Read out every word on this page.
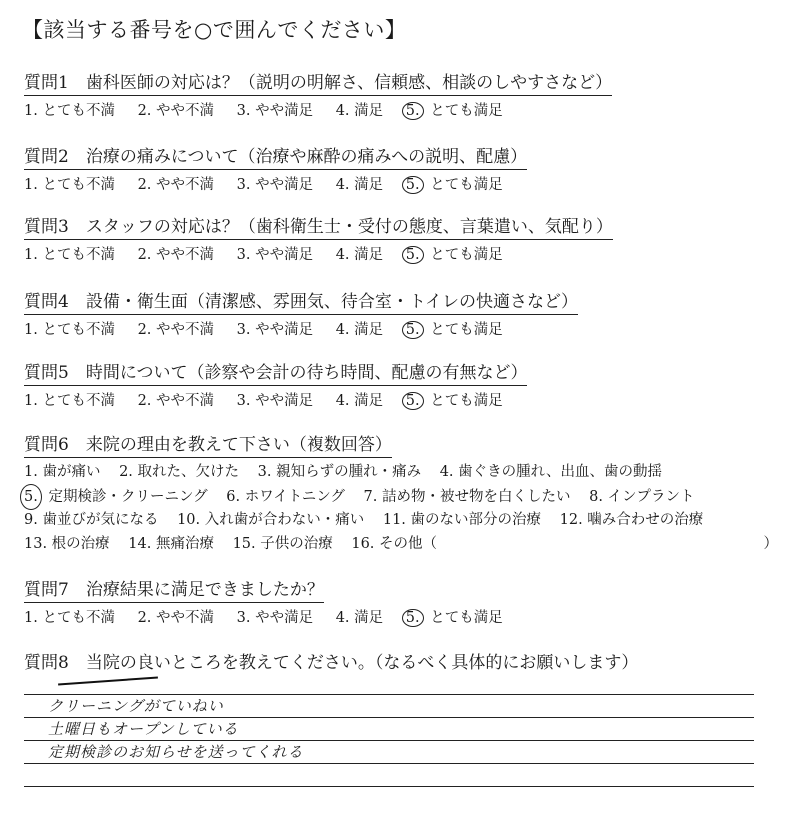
【該当する番号を○で囲んでください】
質問1　歯科医師の対応は？（説明の明解さ、信頼感、相談のしやすさなど）
1. とても不満 2. やや不満 3. やや満足 4. 満足 5. とても満足
質問2　治療の痛みについて（治療や麻酔の痛みへの説明、配慮）
1. とても不満 2. やや不満 3. やや満足 4. 満足 5. とても満足
質問3　スタッフの対応は？（歯科衛生士・受付の態度、言葉遣い、気配り）
1. とても不満 2. やや不満 3. やや満足 4. 満足 5. とても満足
質問4　設備・衛生面（清潔感、雰囲気、待合室・トイレの快適さなど）
1. とても不満 2. やや不満 3. やや満足 4. 満足 5. とても満足
質問5　時間について（診察や会計の待ち時間、配慮の有無など）
1. とても不満 2. やや不満 3. やや満足 4. 満足 5. とても満足
質問6　来院の理由を教えて下さい（複数回答）
1. 歯が痛い 2. 取れた、欠けた 3. 親知らずの腫れ・痛み 4. 歯ぐきの腫れ、出血、歯の動揺
5. 定期検診・クリーニング 6. ホワイトニング 7. 詰め物・被せ物を白くしたい 8. インプラント
9. 歯並びが気になる 10. 入れ歯が合わない・痛い 11. 歯のない部分の治療 12. 噛み合わせの治療
13. 根の治療 14. 無痛治療 15. 子供の治療 16. その他（	）
質問7　治療結果に満足できましたか？
1. とても不満 2. やや不満 3. やや満足 4. 満足 5. とても満足
質問8　当院の良いところを教えてください。（なるべく具体的にお願いします）
クリーニングがていねい
土曜日もオープンしている
定期検診のお知らせを送ってくれる
